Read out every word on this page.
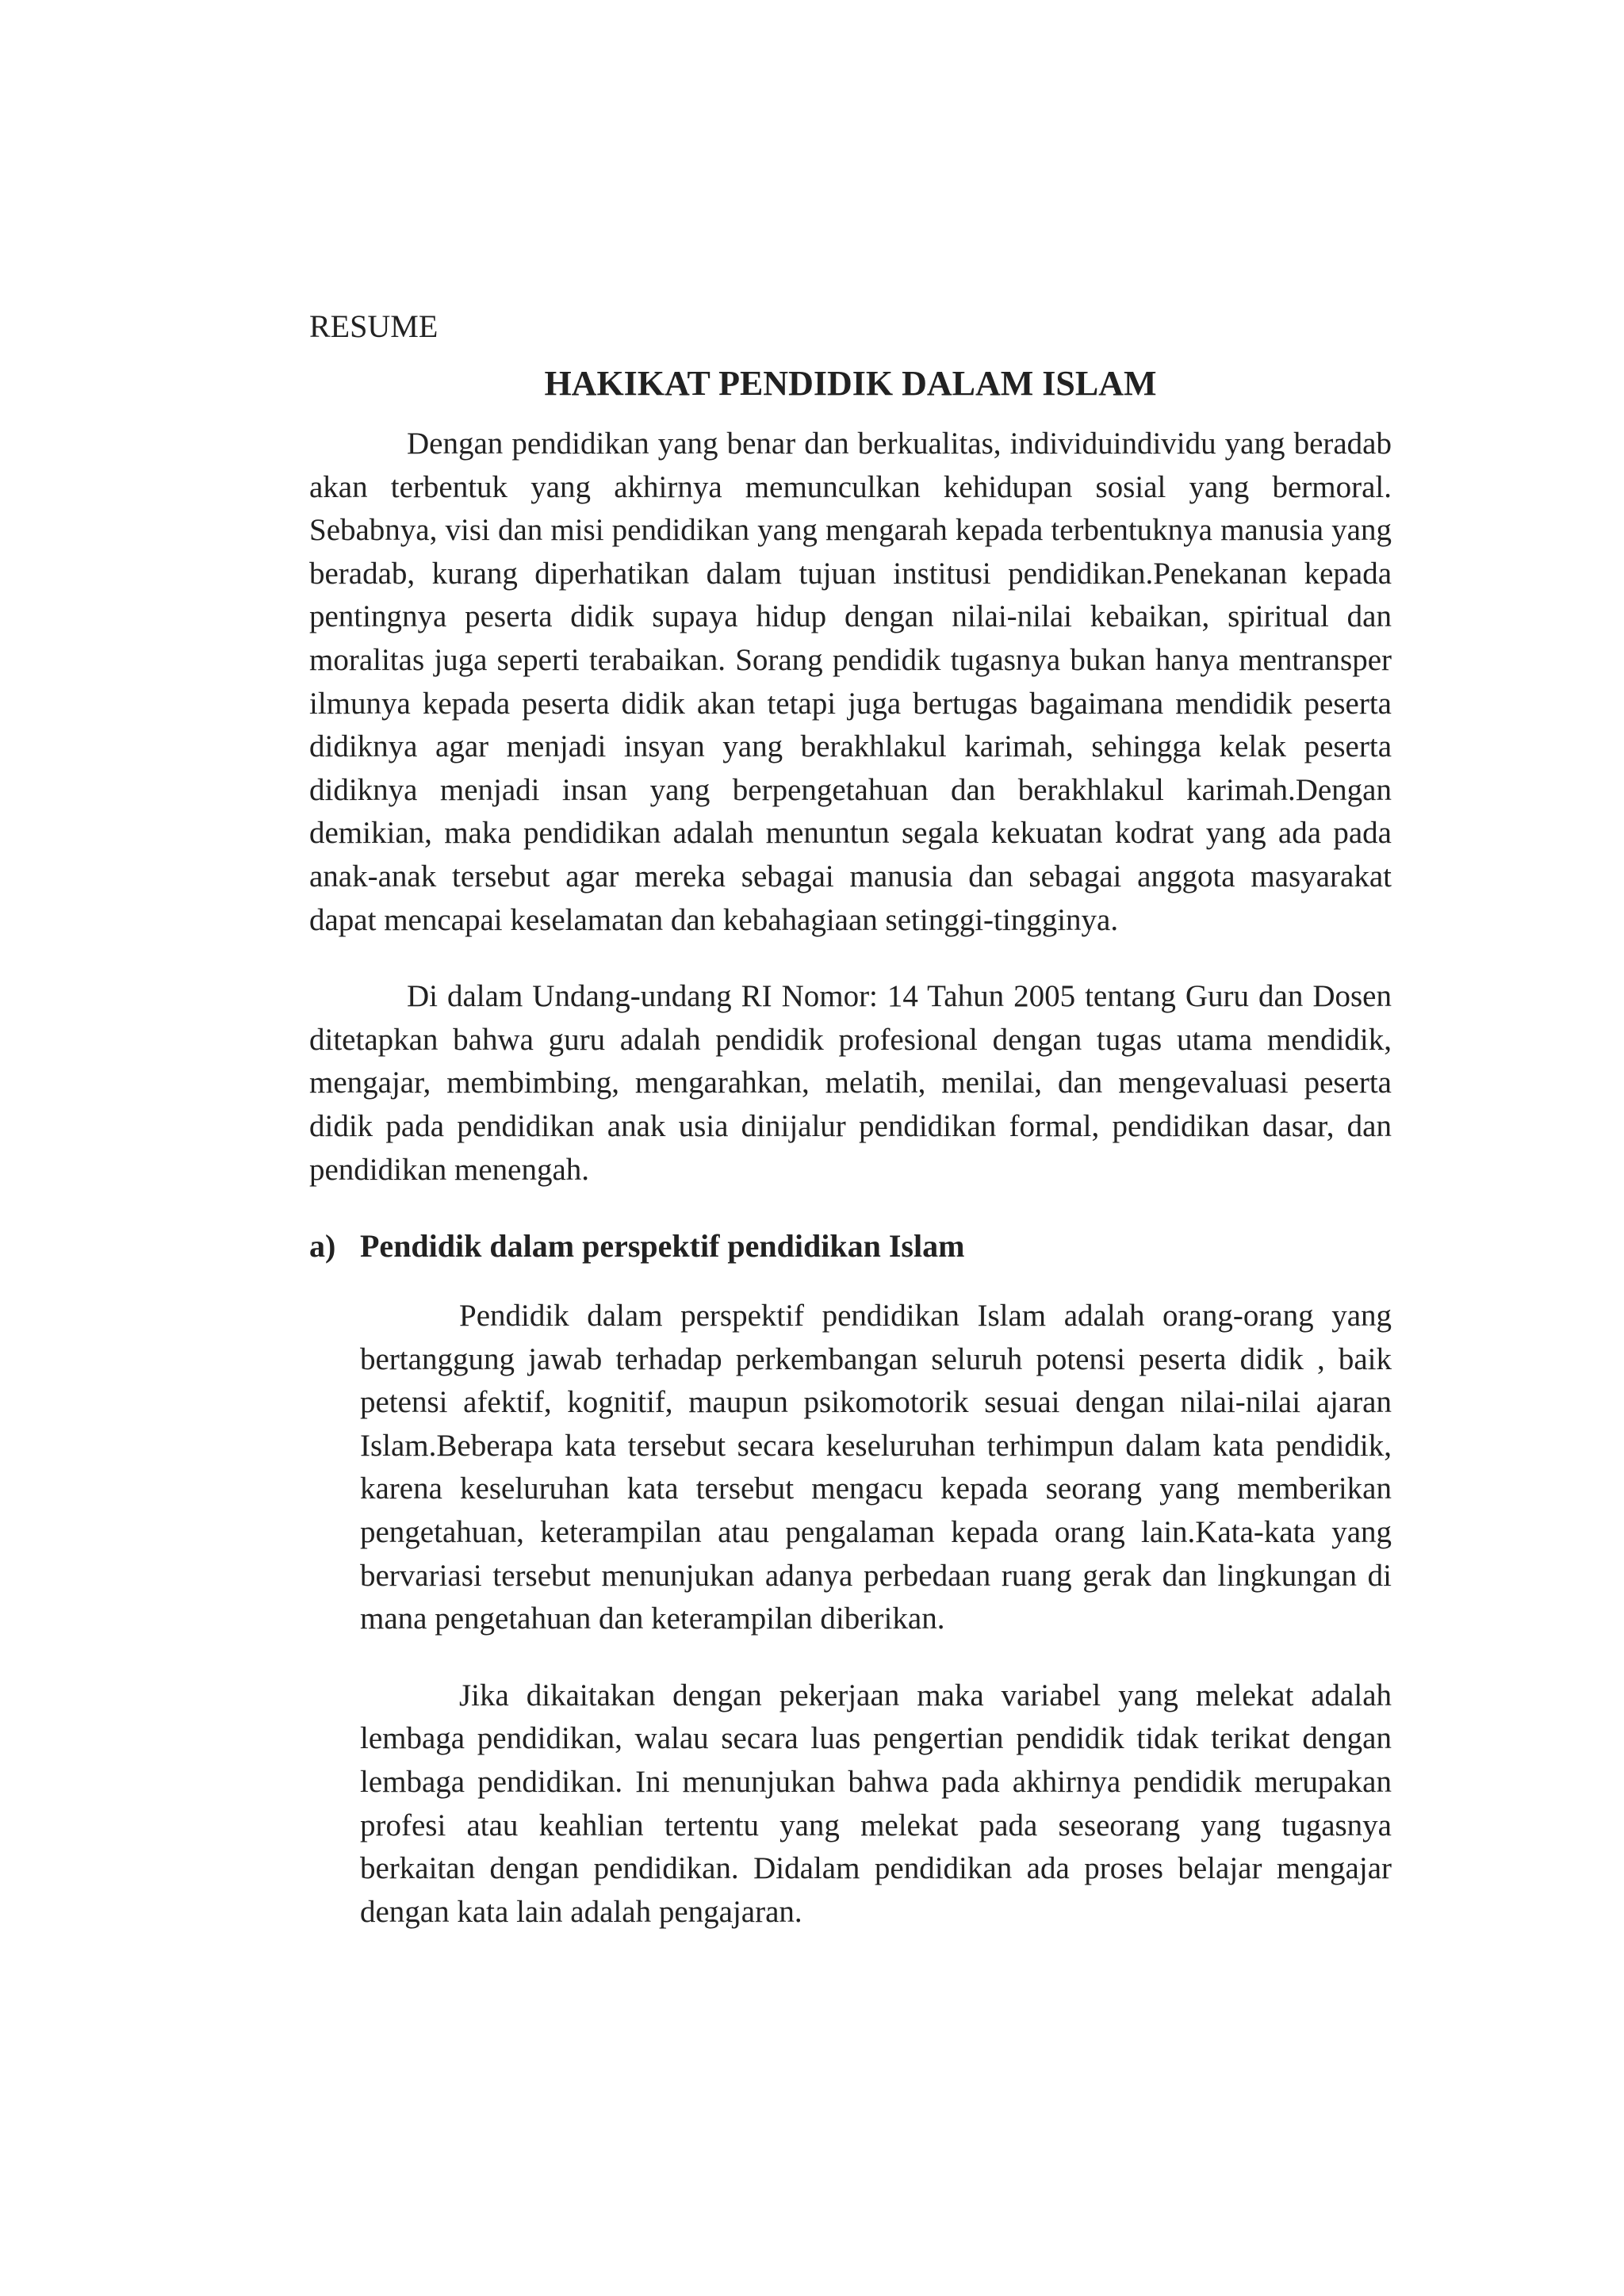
RESUME

HAKIKAT PENDIDIK DALAM ISLAM

Dengan pendidikan yang benar dan berkualitas, individuindividu yang beradab akan terbentuk yang akhirnya memunculkan kehidupan sosial yang bermoral. Sebabnya, visi dan misi pendidikan yang mengarah kepada terbentuknya manusia yang beradab, kurang diperhatikan dalam tujuan institusi pendidikan.Penekanan kepada pentingnya peserta didik supaya hidup dengan nilai-nilai kebaikan, spiritual dan moralitas juga seperti terabaikan. Sorang pendidik tugasnya bukan hanya mentransper ilmunya kepada peserta didik akan tetapi juga bertugas bagaimana mendidik peserta didiknya agar menjadi insyan yang berakhlakul karimah, sehingga kelak peserta didiknya menjadi insan yang berpengetahuan dan berakhlakul karimah.Dengan demikian, maka pendidikan adalah menuntun segala kekuatan kodrat yang ada pada anak-anak tersebut agar mereka sebagai manusia dan sebagai anggota masyarakat dapat mencapai keselamatan dan kebahagiaan setinggi-tingginya.

Di dalam Undang-undang RI Nomor: 14 Tahun 2005 tentang Guru dan Dosen ditetapkan bahwa guru adalah pendidik profesional dengan tugas utama mendidik, mengajar, membimbing, mengarahkan, melatih, menilai, dan mengevaluasi peserta didik pada pendidikan anak usia dinijalur pendidikan formal, pendidikan dasar, dan pendidikan menengah.

a) Pendidik dalam perspektif pendidikan Islam

Pendidik dalam perspektif pendidikan Islam adalah orang-orang yang bertanggung jawab terhadap perkembangan seluruh potensi peserta didik , baik petensi afektif, kognitif, maupun psikomotorik sesuai dengan nilai-nilai ajaran Islam.Beberapa kata tersebut secara keseluruhan terhimpun dalam kata pendidik, karena keseluruhan kata tersebut mengacu kepada seorang yang memberikan pengetahuan, keterampilan atau pengalaman kepada orang lain.Kata-kata yang bervariasi tersebut menunjukan adanya perbedaan ruang gerak dan lingkungan di mana pengetahuan dan keterampilan diberikan.

Jika dikaitakan dengan pekerjaan maka variabel yang melekat adalah lembaga pendidikan, walau secara luas pengertian pendidik tidak terikat dengan lembaga pendidikan. Ini menunjukan bahwa pada akhirnya pendidik merupakan profesi atau keahlian tertentu yang melekat pada seseorang yang tugasnya berkaitan dengan pendidikan. Didalam pendidikan ada proses belajar mengajar dengan kata lain adalah pengajaran.
